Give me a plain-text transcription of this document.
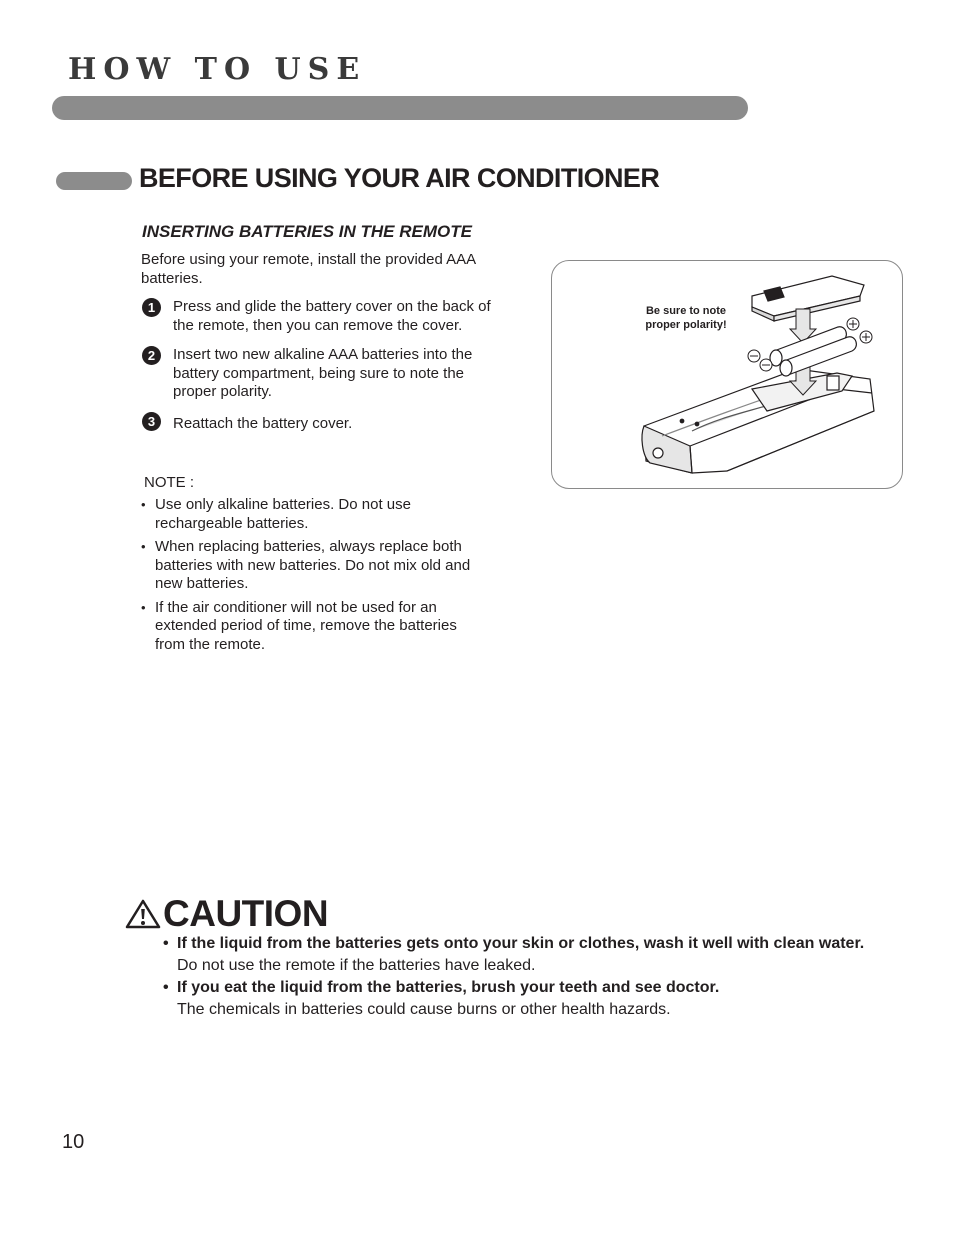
HOW TO USE
BEFORE USING YOUR AIR CONDITIONER
INSERTING BATTERIES IN THE REMOTE
Before using your remote, install the provided AAA batteries.
1	Press and glide the battery cover on the back of the remote, then you can remove the cover.
2	Insert two new alkaline AAA batteries into the battery compartment, being sure to note the proper polarity.
3	Reattach the battery cover.
NOTE :
• Use only alkaline batteries. Do not use rechargeable batteries.
• When replacing batteries, always replace both batteries with new batteries. Do not mix old and new batteries.
• If the air conditioner will not be used for an extended period of time, remove the batteries from the remote.
Be sure to note proper polarity!
CAUTION
• If the liquid from the batteries gets onto your skin or clothes, wash it well with clean water.
Do not use the remote if the batteries have leaked.
• If you eat the liquid from the batteries, brush your teeth and see doctor.
The chemicals in batteries could cause burns or other health hazards.
10
